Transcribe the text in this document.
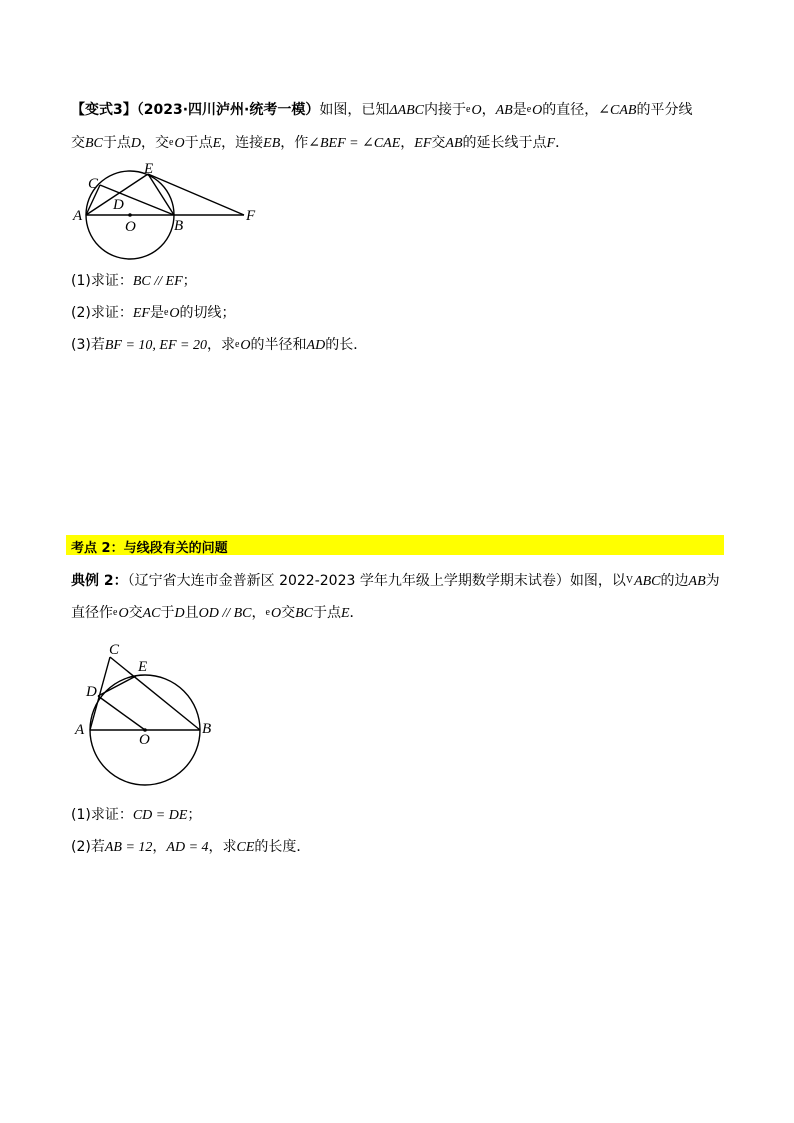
【变式3】（2023·四川泸州·统考一模）如图，已知ΔABC内接于eO，AB是eO的直径，∠CAB的平分线
交BC于点D，交eO于点E，连接EB，作∠BEF = ∠CAE，EF交AB的延长线于点F．
C
E
D
A
O	B
F
(1)求证：BC // EF；
(2)求证：EF是eO的切线；
(3)若BF = 10, EF = 20，求eO的半径和AD的长．
考点 2：与线段有关的问题
典例 2：（辽宁省大连市金普新区 2022-2023 学年九年级上学期数学期末试卷）如图，以VABC的边AB为
直径作eO交AC于D且OD // BC，eO交BC于点E．
C
E
D
A
O
B
(1)求证：CD = DE；
(2)若AB = 12，AD = 4，求CE的长度．
